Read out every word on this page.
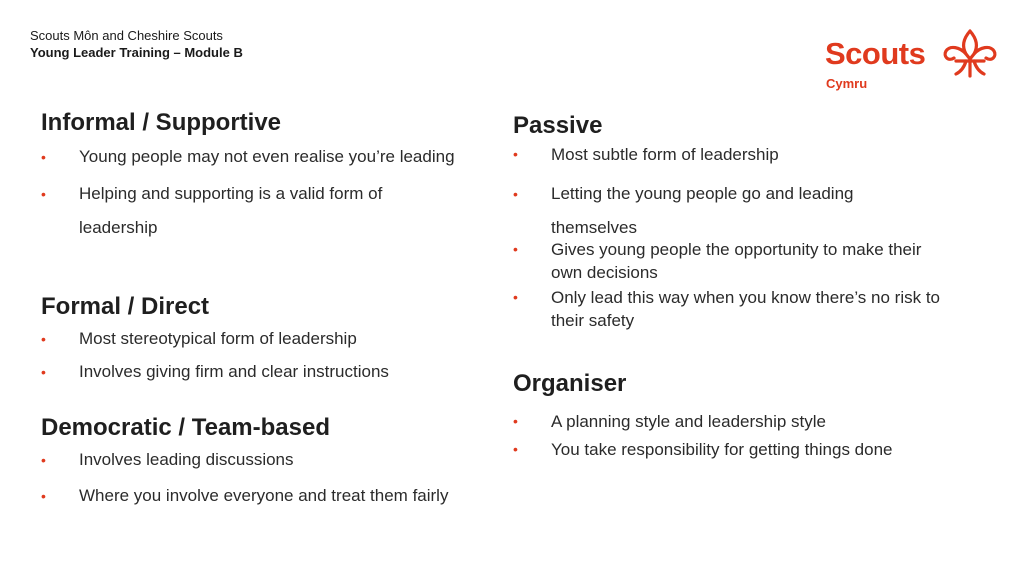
Scouts Môn and Cheshire Scouts
Young Leader Training – Module B	Scouts
Cymru
Informal / Supportive
• Young people may not even realise you’re leading
• Helping and supporting is a valid form of leadership
Formal / Direct
• Most stereotypical form of leadership
• Involves giving firm and clear instructions
Democratic / Team-based
• Involves leading discussions
• Where you involve everyone and treat them fairly
Passive
• Most subtle form of leadership
• Letting the young people go and leading themselves
• Gives young people the opportunity to make their own decisions
• Only lead this way when you know there’s no risk to their safety
Organiser
• A planning style and leadership style
• You take responsibility for getting things done
